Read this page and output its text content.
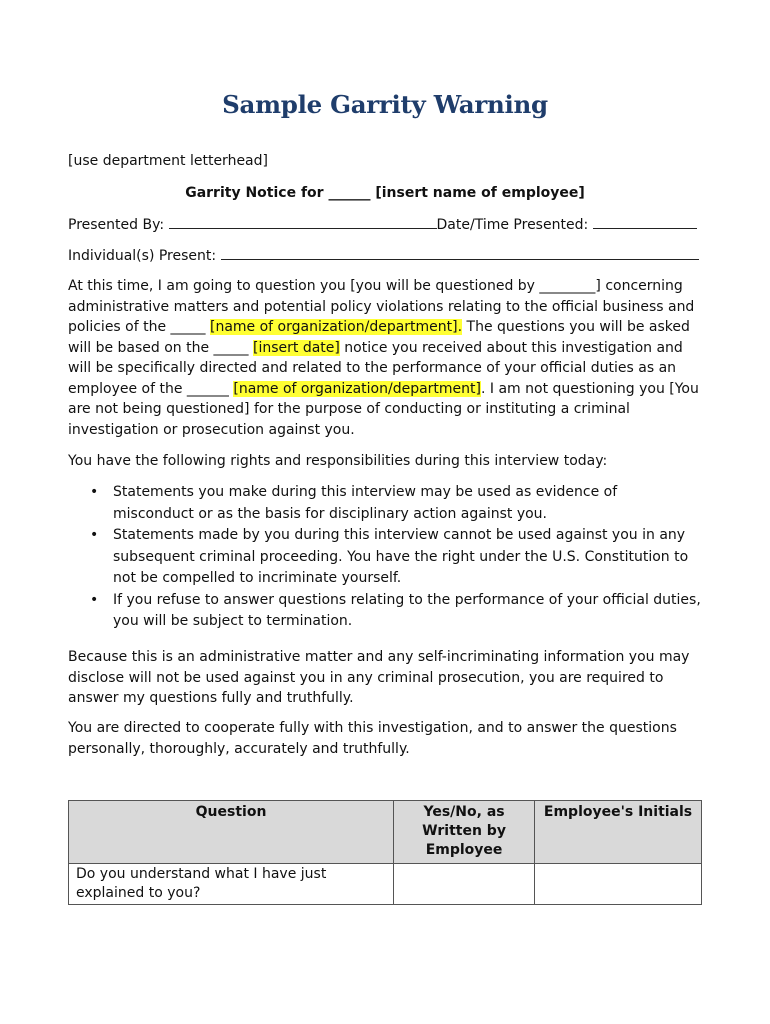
Sample Garrity Warning
[use department letterhead]
Garrity Notice for ______ [insert name of employee]
Presented By:	Date/Time Presented:
Individual(s) Present:
At this time, I am going to question you [you will be questioned by ________] concerning administrative matters and potential policy violations relating to the official business and policies of the _____ [name of organization/department]. The questions you will be asked will be based on the _____ [insert date] notice you received about this investigation and will be specifically directed and related to the performance of your official duties as an employee of the ______ [name of organization/department]. I am not questioning you [You are not being questioned] for the purpose of conducting or instituting a criminal investigation or prosecution against you.
You have the following rights and responsibilities during this interview today:
• Statements you make during this interview may be used as evidence of misconduct or as the basis for disciplinary action against you.
• Statements made by you during this interview cannot be used against you in any subsequent criminal proceeding. You have the right under the U.S. Constitution to not be compelled to incriminate yourself.
• If you refuse to answer questions relating to the performance of your official duties, you will be subject to termination.
Because this is an administrative matter and any self-incriminating information you may disclose will not be used against you in any criminal prosecution, you are required to answer my questions fully and truthfully.
You are directed to cooperate fully with this investigation, and to answer the questions personally, thoroughly, accurately and truthfully.
Question	Yes/No, as Written by Employee	Employee's Initials
Do you understand what I have just explained to you?		
